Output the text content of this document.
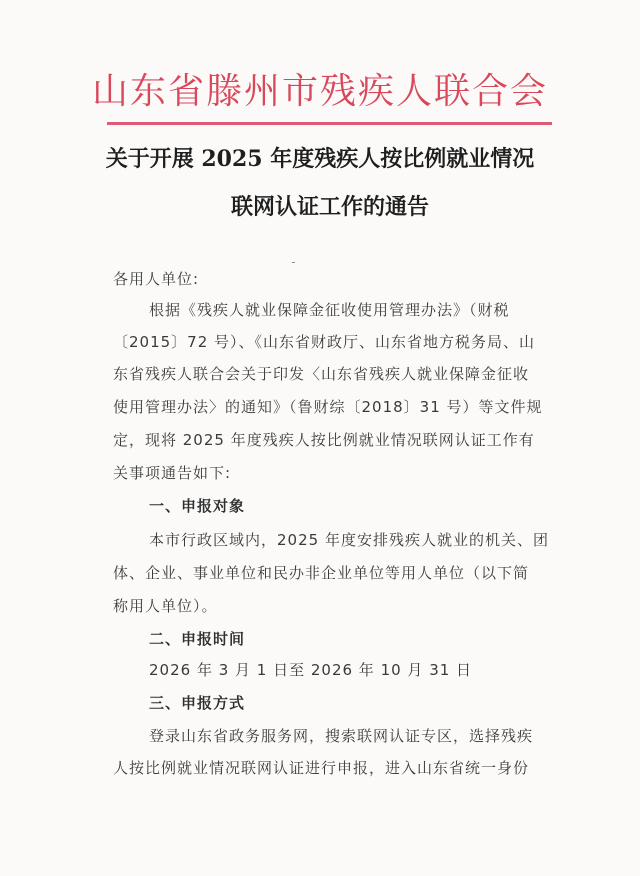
山东省滕州市残疾人联合会
关于开展 2025 年度残疾人按比例就业情况
联网认证工作的通告
各用人单位:
根据《残疾人就业保障金征收使用管理办法》（财税
〔2015〕72 号）、《山东省财政厅、山东省地方税务局、山
东省残疾人联合会关于印发〈山东省残疾人就业保障金征收
使用管理办法〉的通知》（鲁财综〔2018〕31 号）等文件规
定，现将 2025 年度残疾人按比例就业情况联网认证工作有
关事项通告如下:
一、申报对象
本市行政区域内，2025 年度安排残疾人就业的机关、团
体、企业、事业单位和民办非企业单位等用人单位（以下简
称用人单位）。
二、申报时间
2026 年 3 月 1 日至 2026 年 10 月 31 日
三、申报方式
登录山东省政务服务网，搜索联网认证专区，选择残疾
人按比例就业情况联网认证进行申报，进入山东省统一身份
